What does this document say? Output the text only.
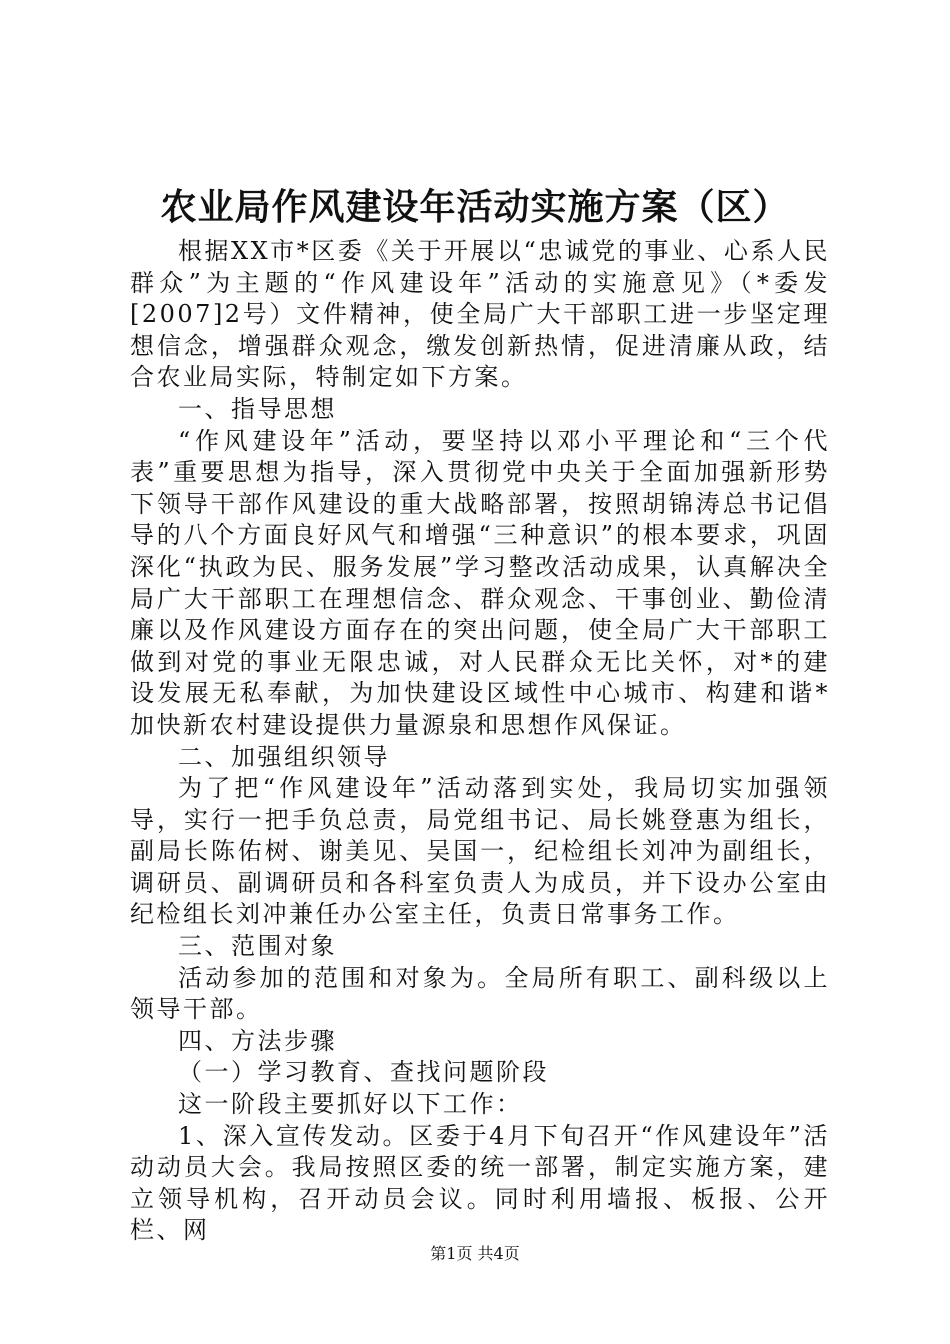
农业局作风建设年活动实施方案（区）

根据XX市*区委《关于开展以“忠诚党的事业、心系人民群众”为主题的“作风建设年”活动的实施意见》（*委发[2007]2号）文件精神，使全局广大干部职工进一步坚定理想信念，增强群众观念，缴发创新热情，促进清廉从政，结合农业局实际，特制定如下方案。

一、指导思想

“作风建设年”活动，要坚持以邓小平理论和“三个代表”重要思想为指导，深入贯彻党中央关于全面加强新形势下领导干部作风建设的重大战略部署，按照胡锦涛总书记倡导的八个方面良好风气和增强“三种意识”的根本要求，巩固深化“执政为民、服务发展”学习整改活动成果，认真解决全局广大干部职工在理想信念、群众观念、干事创业、勤俭清廉以及作风建设方面存在的突出问题，使全局广大干部职工做到对党的事业无限忠诚，对人民群众无比关怀，对*的建设发展无私奉献，为加快建设区域性中心城市、构建和谐*加快新农村建设提供力量源泉和思想作风保证。

二、加强组织领导

为了把“作风建设年”活动落到实处，我局切实加强领导，实行一把手负总责，局党组书记、局长姚登惠为组长，副局长陈佑树、谢美见、吴国一，纪检组长刘冲为副组长，调研员、副调研员和各科室负责人为成员，并下设办公室由纪检组长刘冲兼任办公室主任，负责日常事务工作。

三、范围对象

活动参加的范围和对象为。全局所有职工、副科级以上领导干部。

四、方法步骤

（一）学习教育、查找问题阶段

这一阶段主要抓好以下工作：

1、深入宣传发动。区委于4月下旬召开“作风建设年”活动动员大会。我局按照区委的统一部署，制定实施方案，建立领导机构，召开动员会议。同时利用墙报、板报、公开栏、网

第1页 共4页
